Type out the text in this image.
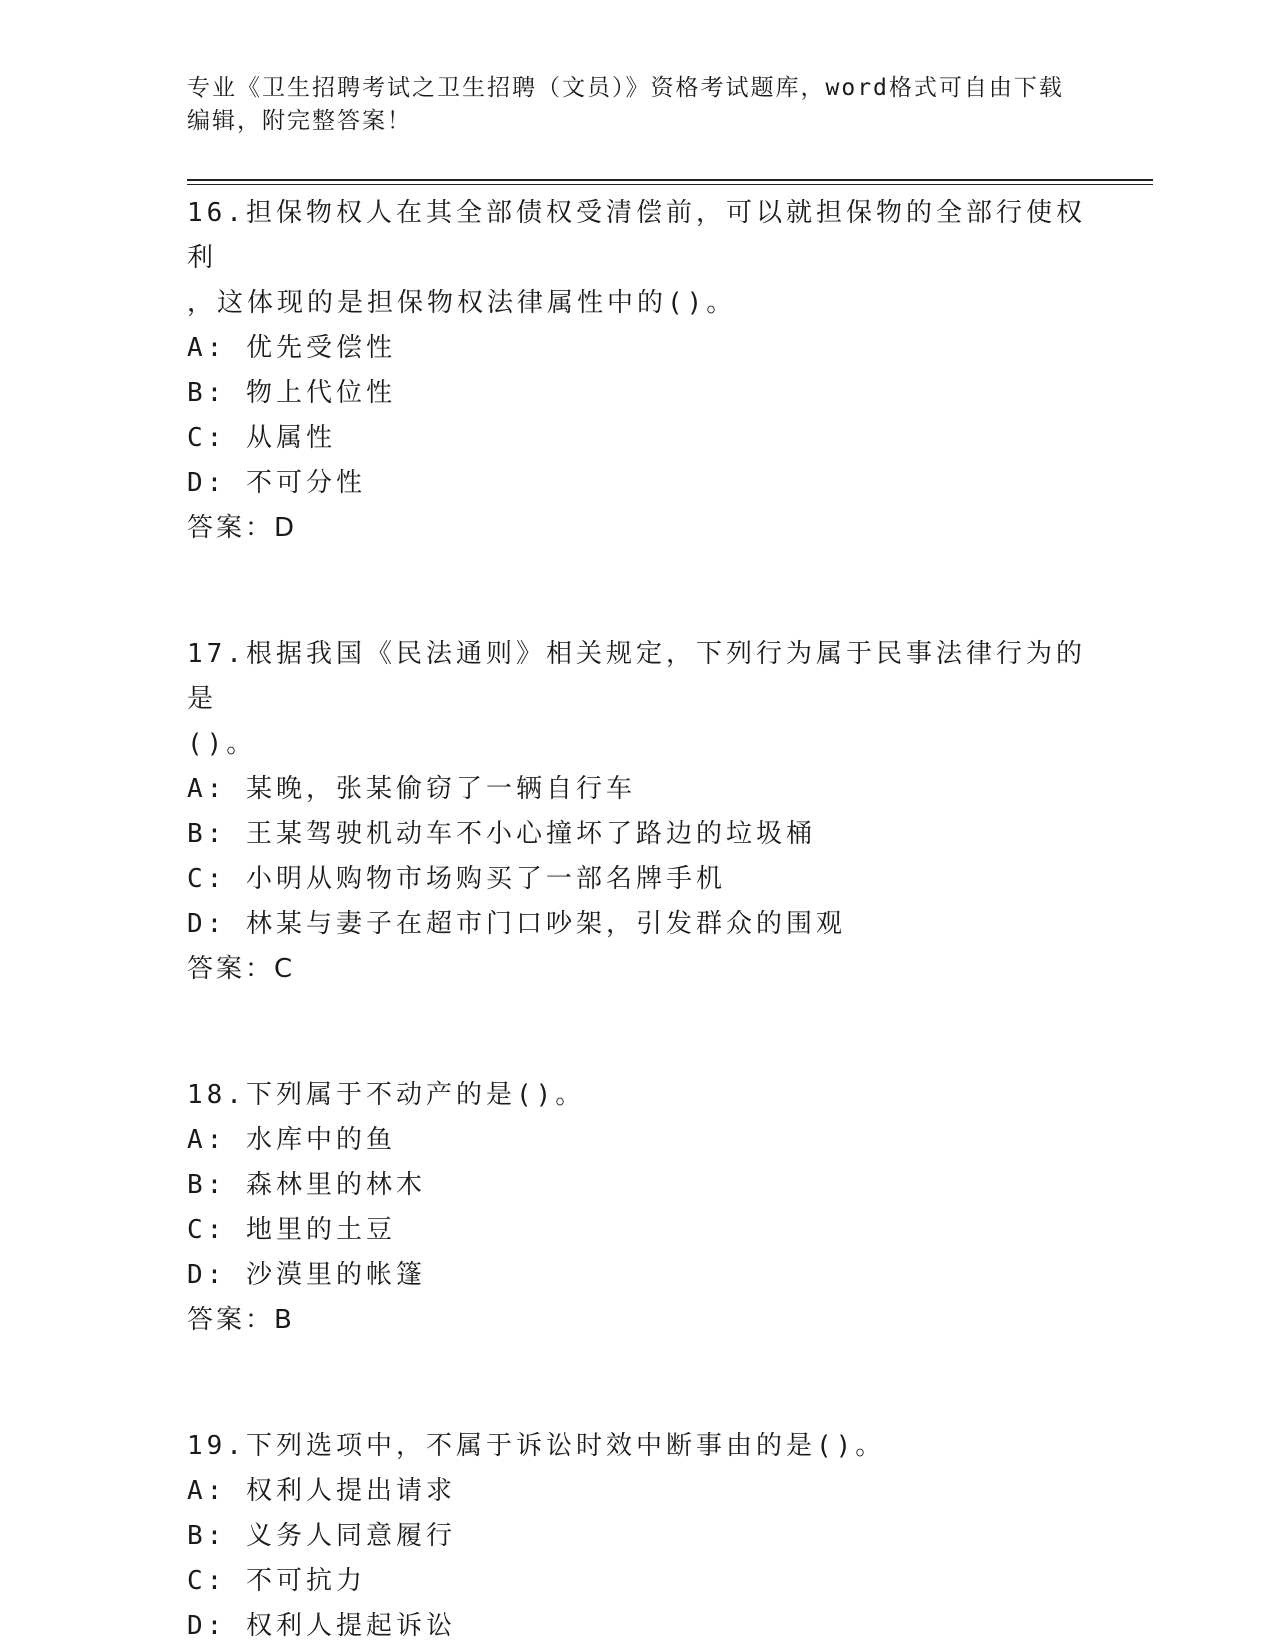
专业《卫生招聘考试之卫生招聘（文员）》资格考试题库，word格式可自由下载
编辑，附完整答案！
16.担保物权人在其全部债权受清偿前，可以就担保物的全部行使权利
，这体现的是担保物权法律属性中的()。
A: 优先受偿性
B: 物上代位性
C: 从属性
D: 不可分性
答案：D
17.根据我国《民法通则》相关规定，下列行为属于民事法律行为的是
()。
A: 某晚，张某偷窃了一辆自行车
B: 王某驾驶机动车不小心撞坏了路边的垃圾桶
C: 小明从购物市场购买了一部名牌手机
D: 林某与妻子在超市门口吵架，引发群众的围观
答案：C
18.下列属于不动产的是()。
A: 水库中的鱼
B: 森林里的林木
C: 地里的土豆
D: 沙漠里的帐篷
答案：B
19.下列选项中，不属于诉讼时效中断事由的是()。
A: 权利人提出请求
B: 义务人同意履行
C: 不可抗力
D: 权利人提起诉讼
